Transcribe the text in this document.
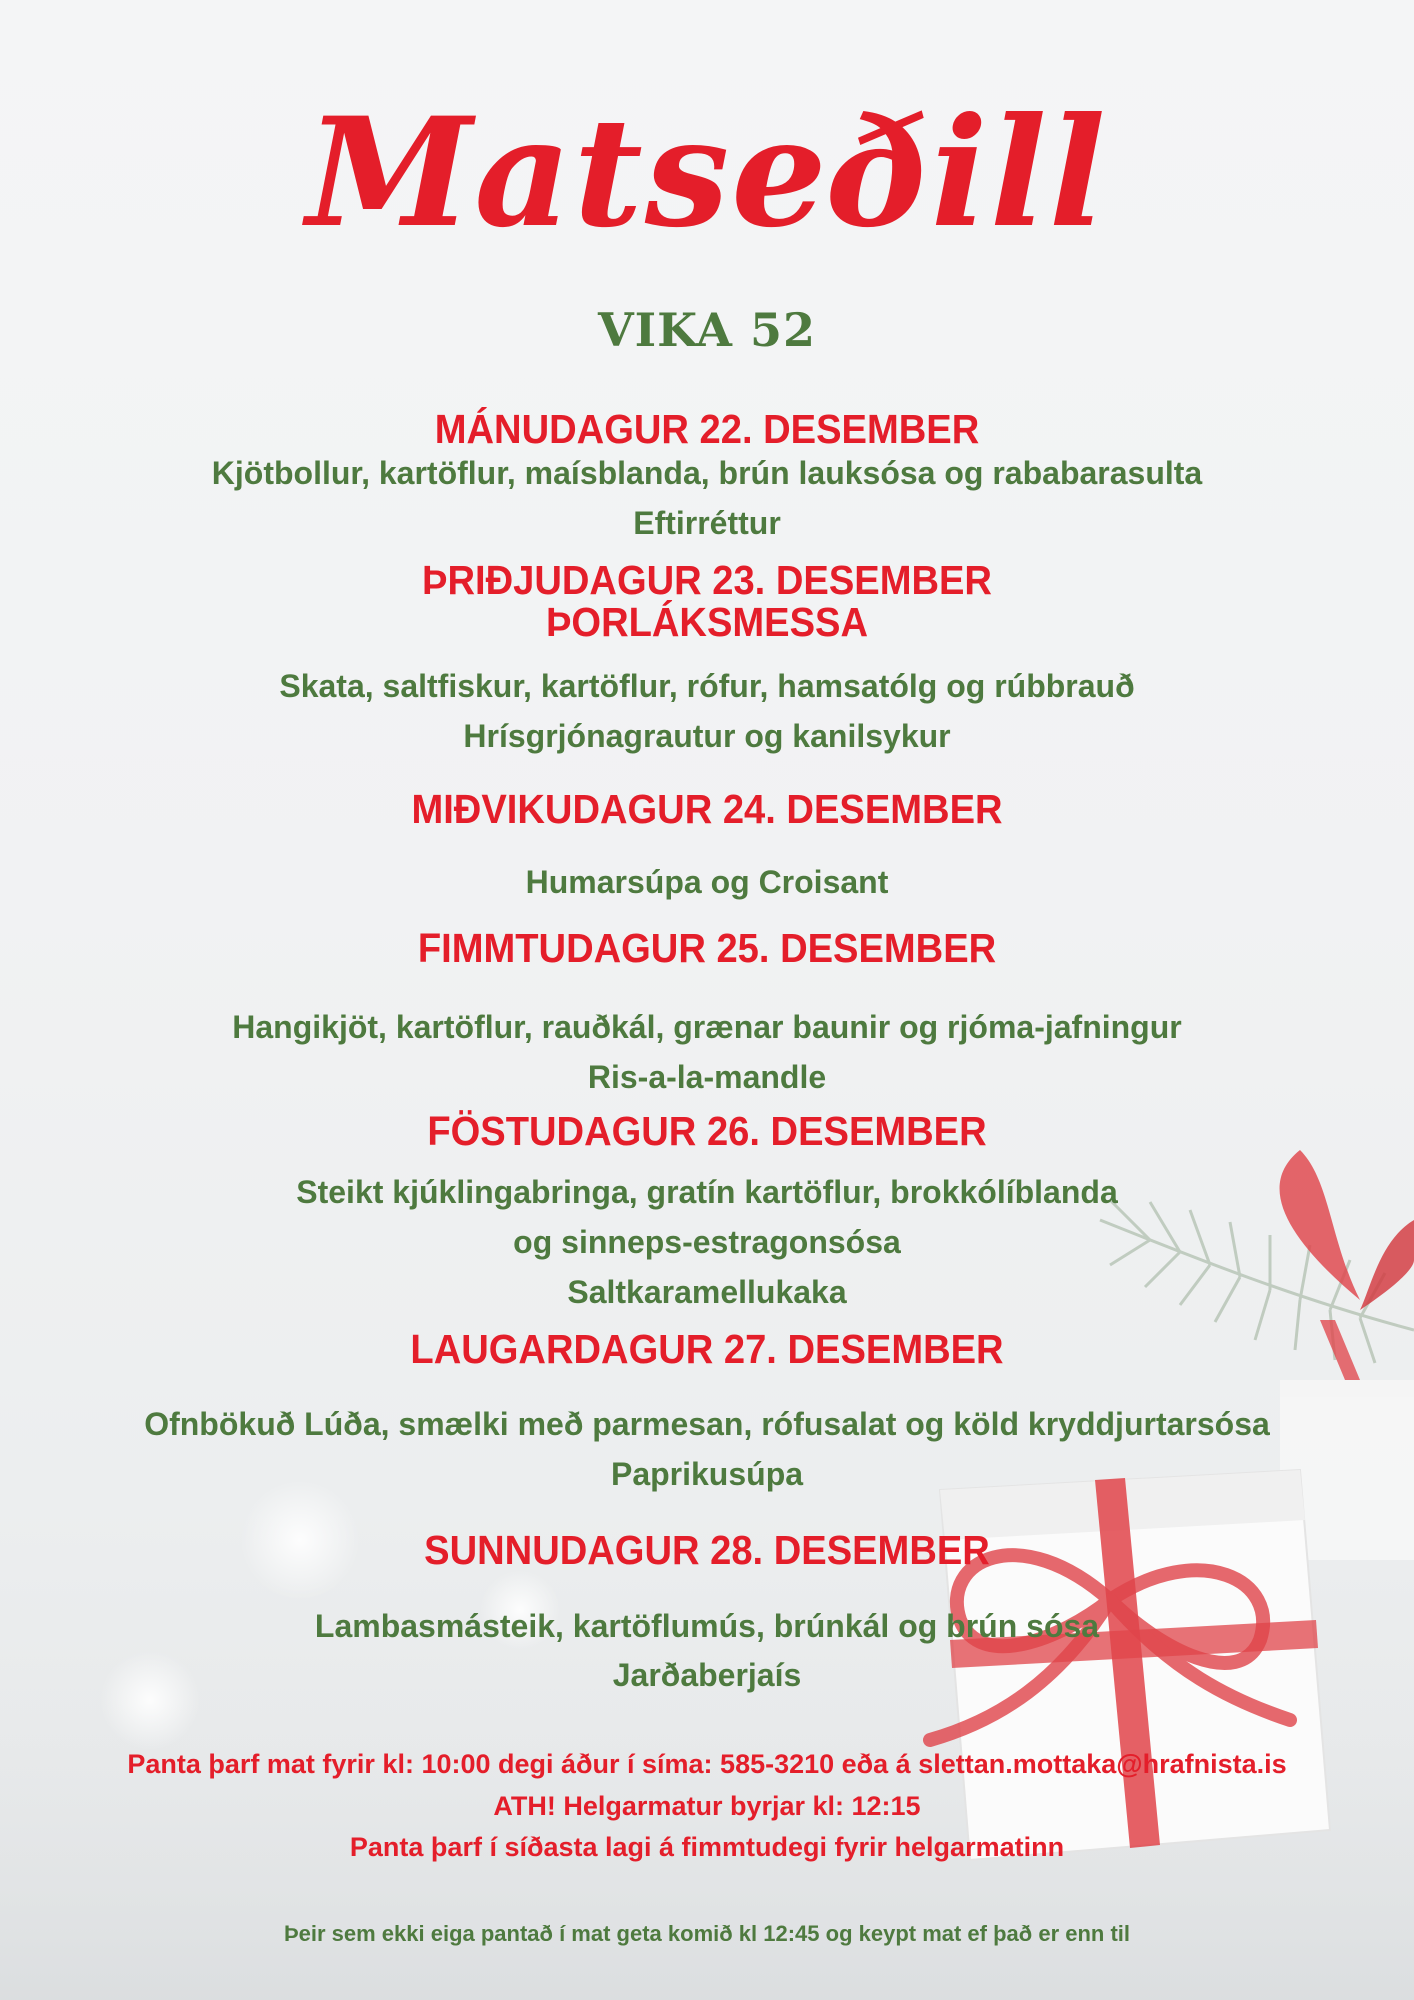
Matseðill
VIKA 52
MÁNUDAGUR 22. DESEMBER
Kjötbollur, kartöflur, maísblanda, brún lauksósa og rababarasulta
Eftirréttur
ÞRIÐJUDAGUR 23. DESEMBER
ÞORLÁKSMESSA
Skata, saltfiskur, kartöflur, rófur, hamsatólg og rúbbrauð
Hrísgrjónagrautur og kanilsykur
MIÐVIKUDAGUR 24. DESEMBER
Humarsúpa og Croisant
FIMMTUDAGUR 25. DESEMBER
Hangikjöt, kartöflur, rauðkál, grænar baunir og rjóma-jafningur
Ris-a-la-mandle
FÖSTUDAGUR 26. DESEMBER
Steikt kjúklingabringa, gratín kartöflur, brokkólíblanda
og sinneps-estragonsósa
Saltkaramellukaka
LAUGARDAGUR 27. DESEMBER
Ofnbökuð Lúða, smælki með parmesan, rófusalat og köld kryddjurtarsósa
Paprikusúpa
SUNNUDAGUR 28. DESEMBER
Lambasmásteik, kartöflumús, brúnkál og brún sósa
Jarðaberjaís
Panta þarf mat fyrir kl: 10:00 degi áður í síma: 585-3210 eða á slettan.mottaka@hrafnista.is
ATH! Helgarmatur byrjar kl: 12:15
Panta þarf í síðasta lagi á fimmtudegi fyrir helgarmatinn
Þeir sem ekki eiga pantað í mat geta komið kl 12:45 og keypt mat ef það er enn til
